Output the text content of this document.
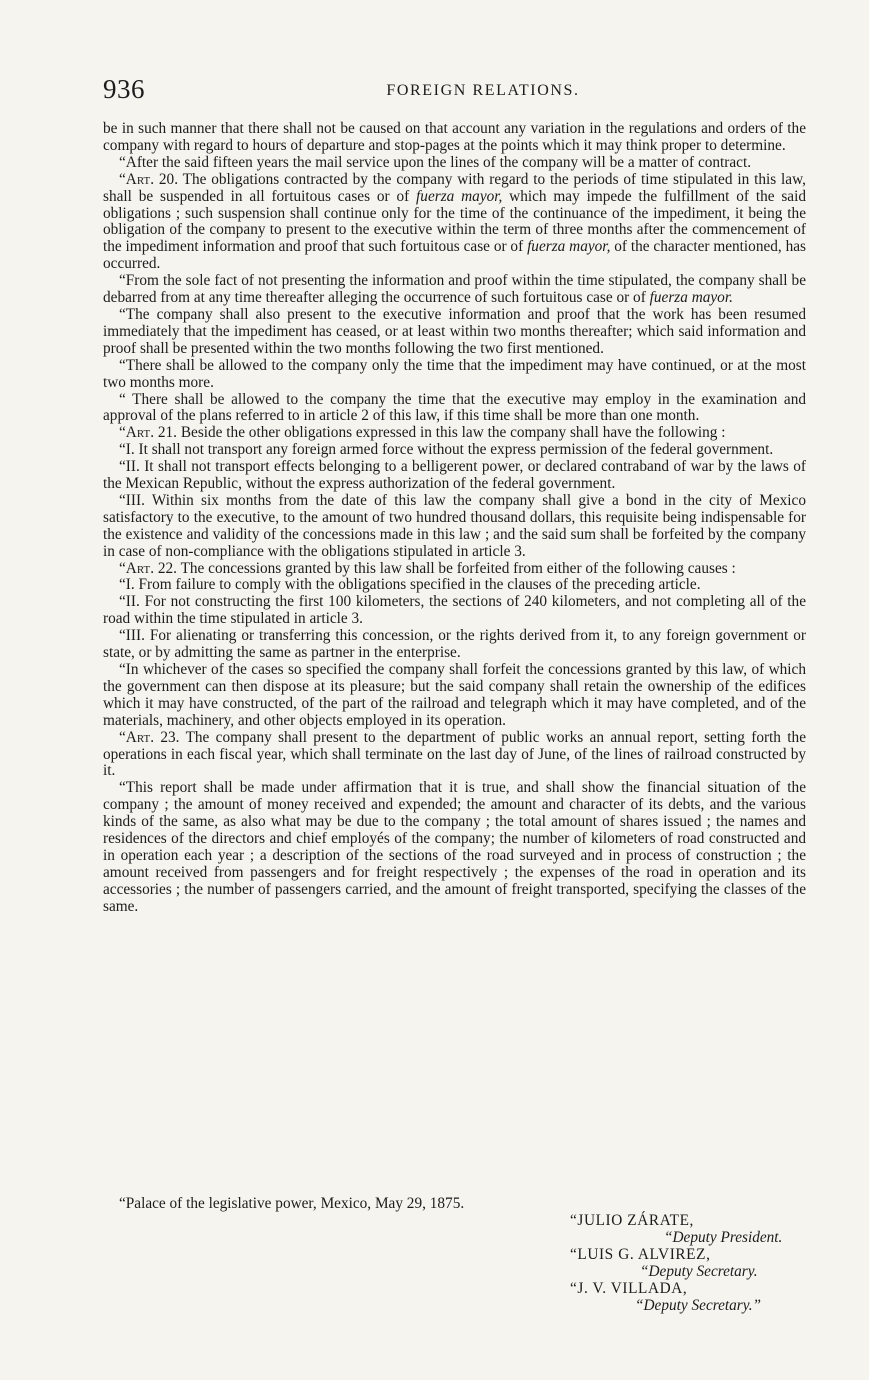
936	FOREIGN RELATIONS.

be in such manner that there shall not be caused on that account any variation in the regulations and orders of the company with regard to hours of departure and stop-pages at the points which it may think proper to determine.

“After the said fifteen years the mail service upon the lines of the company will be a matter of contract.

“Art. 20. The obligations contracted by the company with regard to the periods of time stipulated in this law, shall be suspended in all fortuitous cases or of fuerza mayor, which may impede the fulfillment of the said obligations ; such suspension shall continue only for the time of the continuance of the impediment, it being the obligation of the company to present to the executive within the term of three months after the commencement of the impediment information and proof that such fortuitous case or of fuerza mayor, of the character mentioned, has occurred.

“From the sole fact of not presenting the information and proof within the time stipulated, the company shall be debarred from at any time thereafter alleging the occurrence of such fortuitous case or of fuerza mayor.

“The company shall also present to the executive information and proof that the work has been resumed immediately that the impediment has ceased, or at least within two months thereafter; which said information and proof shall be presented within the two months following the two first mentioned.

“There shall be allowed to the company only the time that the impediment may have continued, or at the most two months more.

“ There shall be allowed to the company the time that the executive may employ in the examination and approval of the plans referred to in article 2 of this law, if this time shall be more than one month.

“Art. 21. Beside the other obligations expressed in this law the company shall have the following :

“I. It shall not transport any foreign armed force without the express permission of the federal government.

“II. It shall not transport effects belonging to a belligerent power, or declared contraband of war by the laws of the Mexican Republic, without the express authorization of the federal government.

“III. Within six months from the date of this law the company shall give a bond in the city of Mexico satisfactory to the executive, to the amount of two hundred thousand dollars, this requisite being indispensable for the existence and validity of the concessions made in this law ; and the said sum shall be forfeited by the company in case of non-compliance with the obligations stipulated in article 3.

“Art. 22. The concessions granted by this law shall be forfeited from either of the following causes :

“I. From failure to comply with the obligations specified in the clauses of the preceding article.

“II. For not constructing the first 100 kilometers, the sections of 240 kilometers, and not completing all of the road within the time stipulated in article 3.

“III. For alienating or transferring this concession, or the rights derived from it, to any foreign government or state, or by admitting the same as partner in the enterprise.

“In whichever of the cases so specified the company shall forfeit the concessions granted by this law, of which the government can then dispose at its pleasure; but the said company shall retain the ownership of the edifices which it may have constructed, of the part of the railroad and telegraph which it may have completed, and of the materials, machinery, and other objects employed in its operation.

“Art. 23. The company shall present to the department of public works an annual report, setting forth the operations in each fiscal year, which shall terminate on the last day of June, of the lines of railroad constructed by it.

“This report shall be made under affirmation that it is true, and shall show the financial situation of the company ; the amount of money received and expended; the amount and character of its debts, and the various kinds of the same, as also what may be due to the company ; the total amount of shares issued ; the names and residences of the directors and chief employés of the company; the number of kilometers of road constructed and in operation each year ; a description of the sections of the road surveyed and in process of construction ; the amount received from passengers and for freight respectively ; the expenses of the road in operation and its accessories ; the number of passengers carried, and the amount of freight transported, specifying the classes of the same.

“Palace of the legislative power, Mexico, May 29, 1875.
“JULIO ZÁRATE,
“Deputy President.
“LUIS G. ALVIREZ,
“Deputy Secretary.
“J. V. VILLADA,
“Deputy Secretary.”
